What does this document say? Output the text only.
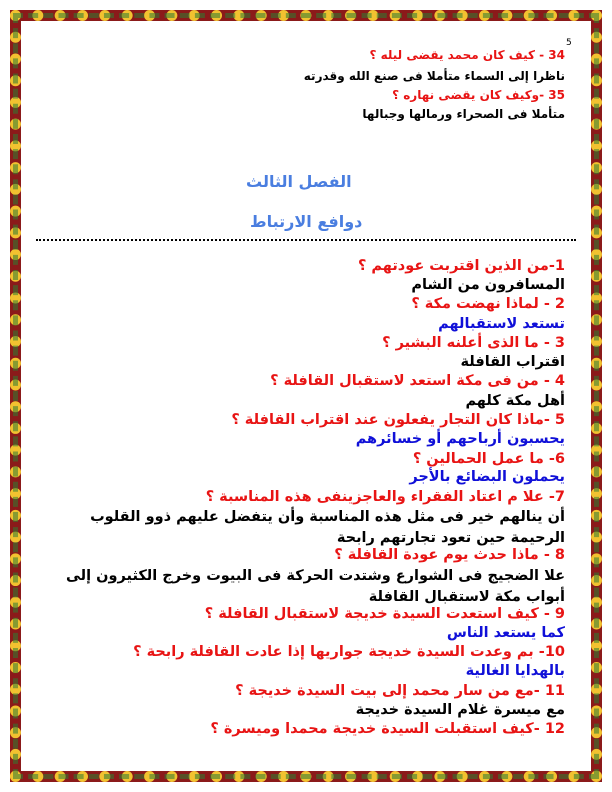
5
34 - كيف كان محمد يقضى ليله ؟
ناظرا إلى السماء متأملا فى صنع الله وقدرته
35 -وكيف كان يقضى نهاره ؟
متأملا فى الصحراء ورمالها وجبالها
الفصل الثالث
دوافع الارتباط
1-من الذين اقتربت عودتهم ؟
المسافرون من الشام
2 - لماذا نهضت مكة ؟
تستعد لاستقبالهم
3 - ما الذى أعلنه البشير ؟
اقتراب القافلة
4 - من فى مكة استعد لاستقبال القافلة ؟
أهل مكة كلهم
5 -ماذا كان التجار يفعلون عند اقتراب القافلة ؟
يحسبون أرباحهم أو خسائرهم
6- ما عمل الحمالين ؟
يحملون البضائع بالأجر
7- علا م اعتاد الفقراء والعاجزينفى هذه المناسبة ؟
أن ينالهم خير فى مثل هذه المناسبة وأن يتفضل عليهم ذوو القلوب الرحيمة حين تعود تجارتهم رابحة
8 - ماذا حدث يوم عودة القافلة ؟
علا الضجيج فى الشوارع وشتدت الحركة فى البيوت وخرج الكثيرون إلى أبواب مكة لاستقبال القافلة
9 - كيف استعدت السيدة خديجة لاستقبال القافلة ؟
كما يستعد الناس
10- بم وعدت السيدة خديجة جواريها إذا عادت القافلة رابحة ؟
بالهدايا الغالية
11 -مع من سار محمد إلى بيت السيدة خديجة ؟
مع ميسرة غلام السيدة خديجة
12 -كيف استقبلت السيدة خديجة محمدا وميسرة ؟
